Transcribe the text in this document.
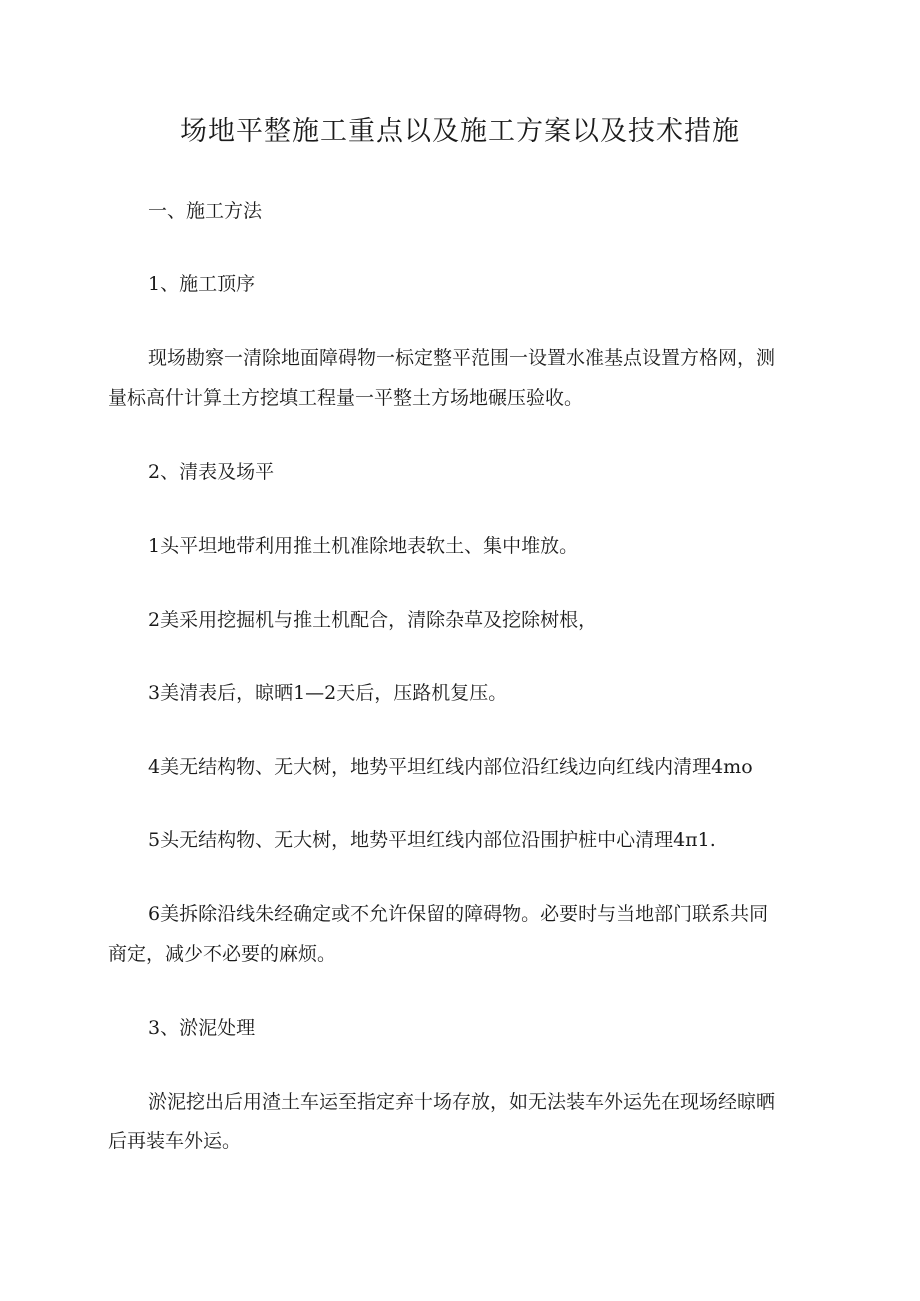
场地平整施工重点以及施工方案以及技术措施

一、施工方法

1、施工顶序

现场勘察一清除地面障碍物一标定整平范围一设置水准基点设置方格网，测

量标高什计算土方挖填工程量一平整土方场地碾压验收。

2、清表及场平

1头平坦地带利用推土机准除地表软土、集中堆放。

2美采用挖掘机与推土机配合，清除杂草及挖除树根，

3美清表后，晾晒1—2天后，压路机复压。

4美无结构物、无大树，地势平坦红线内部位沿红线边向红线内清理4mo

5头无结构物、无大树，地势平坦红线内部位沿围护桩中心清理4π1.

6美拆除沿线朱经确定或不允许保留的障碍物。必要时与当地部门联系共同

商定，减少不必要的麻烦。

3、淤泥处理

淤泥挖出后用渣土车运至指定弃十场存放，如无法装车外运先在现场经晾晒

后再装车外运。
